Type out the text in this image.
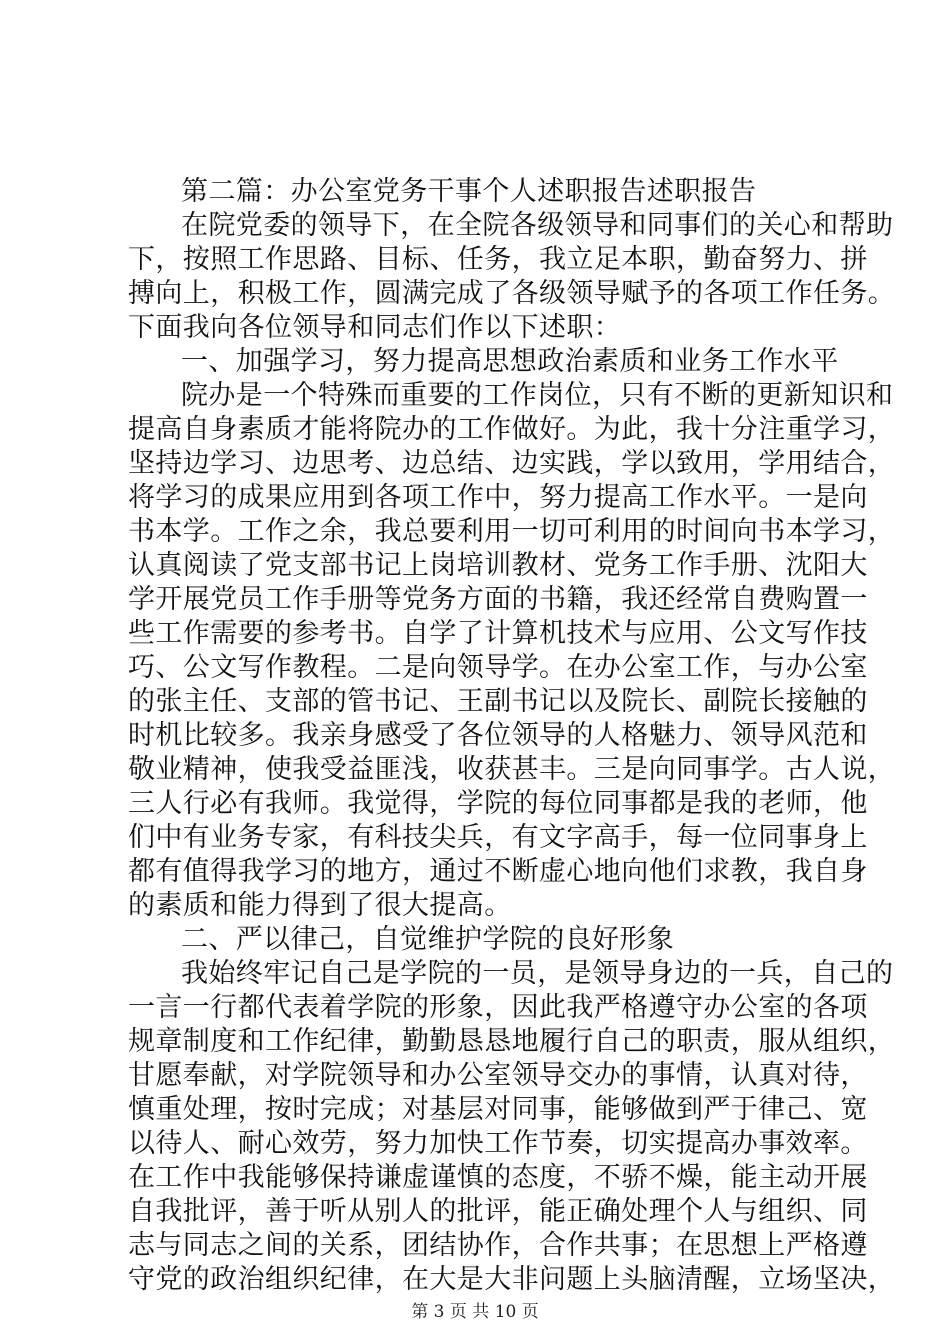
第二篇：办公室党务干事个人述职报告述职报告
在院党委的领导下，在全院各级领导和同事们的关心和帮助
下，按照工作思路、目标、任务，我立足本职，勤奋努力、拼
搏向上，积极工作，圆满完成了各级领导赋予的各项工作任务。
下面我向各位领导和同志们作以下述职：
一、加强学习，努力提高思想政治素质和业务工作水平
院办是一个特殊而重要的工作岗位，只有不断的更新知识和
提高自身素质才能将院办的工作做好。为此，我十分注重学习，
坚持边学习、边思考、边总结、边实践，学以致用，学用结合，
将学习的成果应用到各项工作中，努力提高工作水平。一是向
书本学。工作之余，我总要利用一切可利用的时间向书本学习，
认真阅读了党支部书记上岗培训教材、党务工作手册、沈阳大
学开展党员工作手册等党务方面的书籍，我还经常自费购置一
些工作需要的参考书。自学了计算机技术与应用、公文写作技
巧、公文写作教程。二是向领导学。在办公室工作，与办公室
的张主任、支部的管书记、王副书记以及院长、副院长接触的
时机比较多。我亲身感受了各位领导的人格魅力、领导风范和
敬业精神，使我受益匪浅，收获甚丰。三是向同事学。古人说，
三人行必有我师。我觉得，学院的每位同事都是我的老师，他
们中有业务专家，有科技尖兵，有文字高手，每一位同事身上
都有值得我学习的地方，通过不断虚心地向他们求教，我自身
的素质和能力得到了很大提高。
二、严以律己，自觉维护学院的良好形象
我始终牢记自己是学院的一员，是领导身边的一兵，自己的
一言一行都代表着学院的形象，因此我严格遵守办公室的各项
规章制度和工作纪律，勤勤恳恳地履行自己的职责，服从组织，
甘愿奉献，对学院领导和办公室领导交办的事情，认真对待，
慎重处理，按时完成；对基层对同事，能够做到严于律己、宽
以待人、耐心效劳，努力加快工作节奏，切实提高办事效率。
在工作中我能够保持谦虚谨慎的态度，不骄不燥，能主动开展
自我批评，善于听从别人的批评，能正确处理个人与组织、同
志与同志之间的关系，团结协作，合作共事；在思想上严格遵
守党的政治组织纪律，在大是大非问题上头脑清醒，立场坚决，
第 3 页 共 10 页
